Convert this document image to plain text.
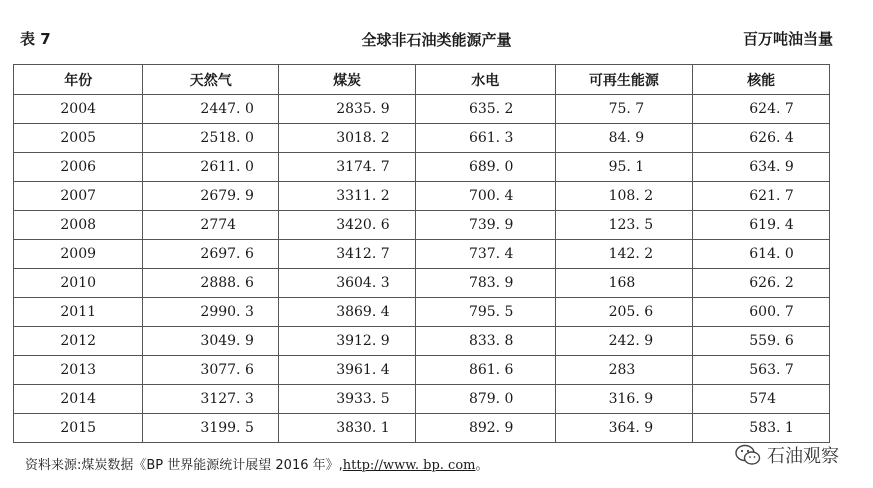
表 7	全球非石油类能源产量	百万吨油当量
年份	天然气	煤炭	水电	可再生能源	核能
2004	2447. 0	2835. 9	635. 2	75. 7	624. 7
2005	2518. 0	3018. 2	661. 3	84. 9	626. 4
2006	2611. 0	3174. 7	689. 0	95. 1	634. 9
2007	2679. 9	3311. 2	700. 4	108. 2	621. 7
2008	2774	3420. 6	739. 9	123. 5	619. 4
2009	2697. 6	3412. 7	737. 4	142. 2	614. 0
2010	2888. 6	3604. 3	783. 9	168	626. 2
2011	2990. 3	3869. 4	795. 5	205. 6	600. 7
2012	3049. 9	3912. 9	833. 8	242. 9	559. 6
2013	3077. 6	3961. 4	861. 6	283	563. 7
2014	3127. 3	3933. 5	879. 0	316. 9	574
2015	3199. 5	3830. 1	892. 9	364. 9	583. 1
资料来源:煤炭数据《BP 世界能源统计展望 2016 年》,http://www. bp. com。	石油观察
